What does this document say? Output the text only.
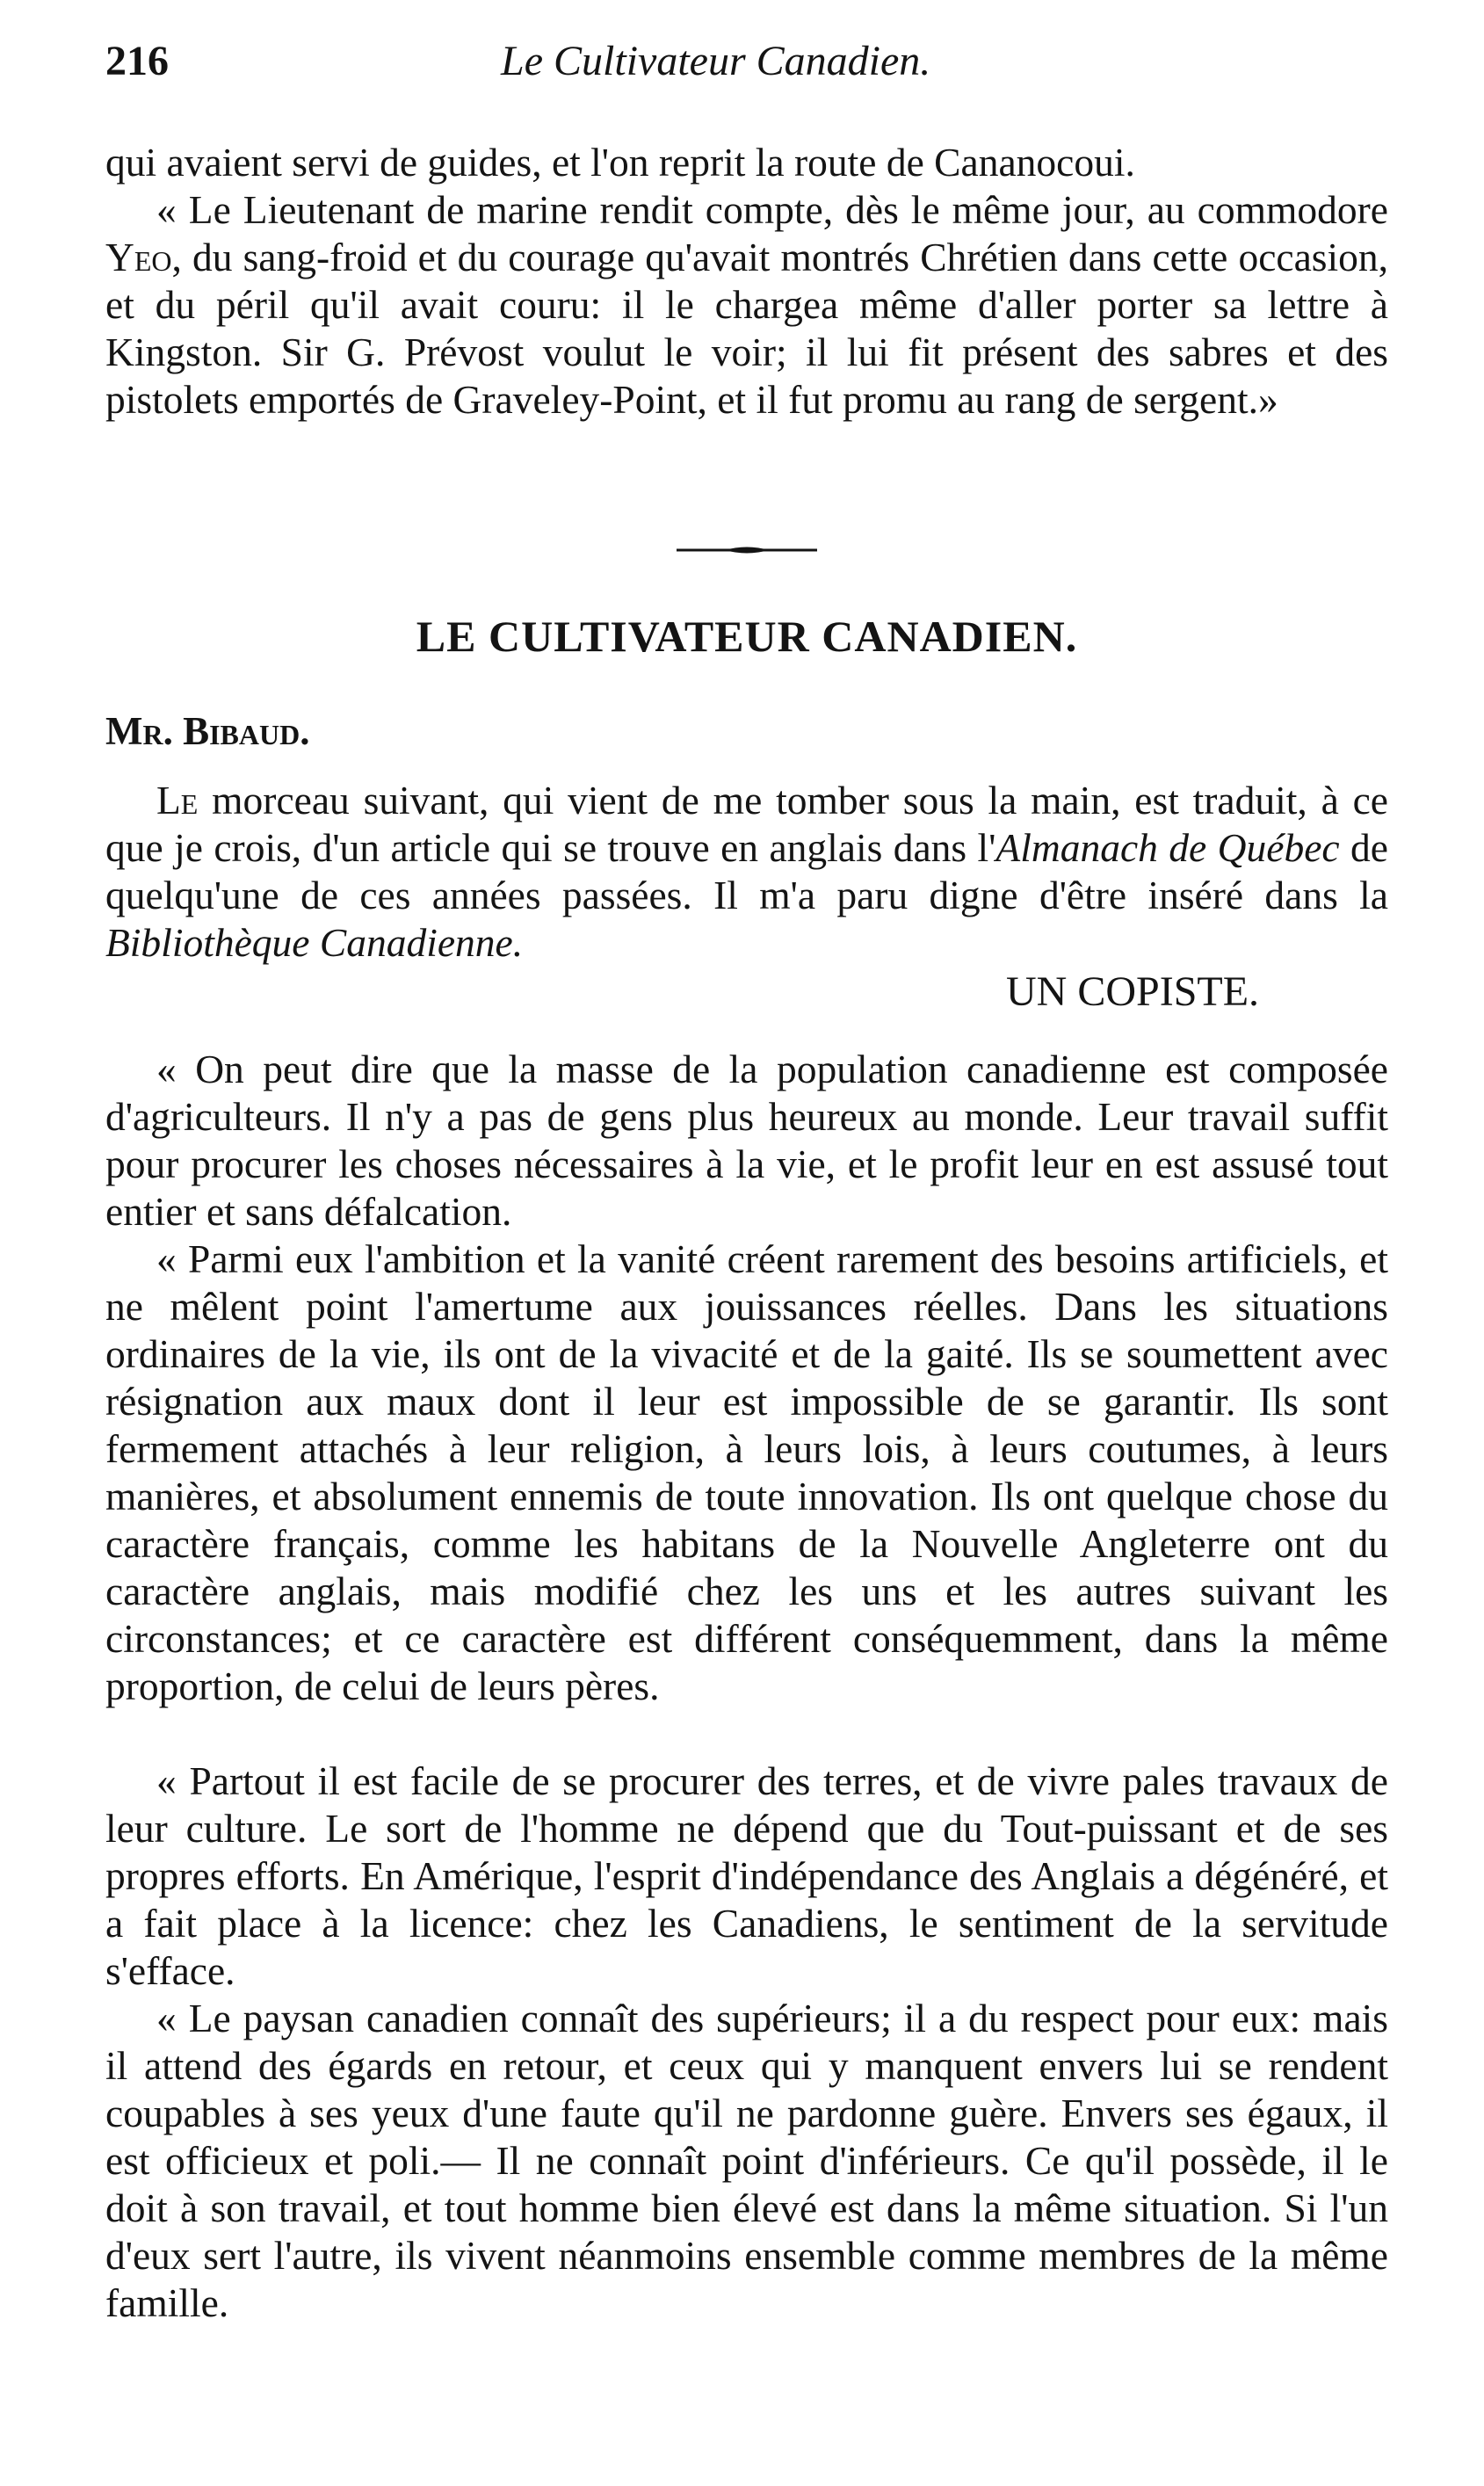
216	Le Cultivateur Canadien.

qui avaient servi de guides, et l'on reprit la route de Cananocoui.

« Le Lieutenant de marine rendit compte, dès le même jour, au commodore Yeo, du sang-froid et du courage qu'avait montrés Chrétien dans cette occasion, et du péril qu'il avait couru: il le chargea même d'aller porter sa lettre à Kingston. Sir G. Prévost voulut le voir; il lui fit présent des sabres et des pistolets emportés de Graveley-Point, et il fut promu au rang de sergent.»

LE CULTIVATEUR CANADIEN.

Mr. Bibaud.

Le morceau suivant, qui vient de me tomber sous la main, est traduit, à ce que je crois, d'un article qui se trouve en anglais dans l'Almanach de Québec de quelqu'une de ces années passées. Il m'a paru digne d'être inséré dans la Bibliothèque Canadienne.

UN COPISTE.

« On peut dire que la masse de la population canadienne est composée d'agriculteurs. Il n'y a pas de gens plus heureux au monde. Leur travail suffit pour procurer les choses nécessaires à la vie, et le profit leur en est assusé tout entier et sans défalcation.

« Parmi eux l'ambition et la vanité créent rarement des besoins artificiels, et ne mêlent point l'amertume aux jouissances réelles. Dans les situations ordinaires de la vie, ils ont de la vivacité et de la gaité. Ils se soumettent avec résignation aux maux dont il leur est impossible de se garantir. Ils sont fermement attachés à leur religion, à leurs lois, à leurs coutumes, à leurs manières, et absolument ennemis de toute innovation. Ils ont quelque chose du caractère français, comme les habitans de la Nouvelle Angleterre ont du caractère anglais, mais modifié chez les uns et les autres suivant les circonstances; et ce caractère est différent conséquemment, dans la même proportion, de celui de leurs pères.

« Partout il est facile de se procurer des terres, et de vivre pales travaux de leur culture. Le sort de l'homme ne dépend que du Tout-puissant et de ses propres efforts. En Amérique, l'esprit d'indépendance des Anglais a dégénéré, et a fait place à la licence: chez les Canadiens, le sentiment de la servitude s'efface.

« Le paysan canadien connaît des supérieurs; il a du respect pour eux: mais il attend des égards en retour, et ceux qui y manquent envers lui se rendent coupables à ses yeux d'une faute qu'il ne pardonne guère. Envers ses égaux, il est officieux et poli.— Il ne connaît point d'inférieurs. Ce qu'il possède, il le doit à son travail, et tout homme bien élevé est dans la même situation. Si l'un d'eux sert l'autre, ils vivent néanmoins ensemble comme membres de la même famille.
